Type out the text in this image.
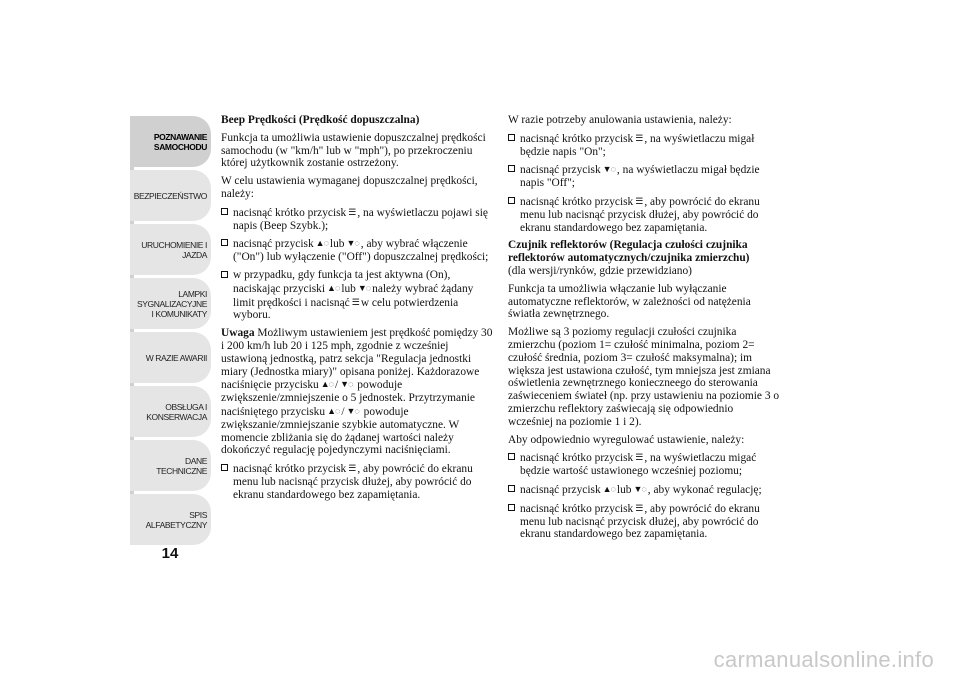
POZNAWANIE
SAMOCHODU
BEZPIECZEŃSTWO
URUCHOMIENIE I
JAZDA
LAMPKI
SYGNALIZACYJNE
I KOMUNIKATY
W RAZIE AWARII
OBSŁUGA I
KONSERWACJA
DANE
TECHNICZNE
SPIS
ALFABETYCZNY
14
Beep Prędkości (Prędkość dopuszczalna)

Funkcja ta umożliwia ustawienie dopuszczalnej prędkości samochodu (w "km/h" lub w "mph"), po przekroczeniu której użytkownik zostanie ostrzeżony.

W celu ustawienia wymaganej dopuszczalnej prędkości, należy:

nacisnąć krótko przycisk ☰ , na wyświetlaczu pojawi się napis (Beep Szybk.);
nacisnąć przycisk ▲◌ lub ▼◌ , aby wybrać włączenie ("On") lub wyłączenie ("Off") dopuszczalnej prędkości;
w przypadku, gdy funkcja ta jest aktywna (On), naciskając przyciski ▲◌ lub ▼◌ należy wybrać żądany limit prędkości i nacisnąć ☰ w celu potwierdzenia wyboru.

Uwaga Możliwym ustawieniem jest prędkość pomiędzy 30 i 200 km/h lub 20 i 125 mph, zgodnie z wcześniej ustawioną jednostką, patrz sekcja "Regulacja jednostki miary (Jednostka miary)" opisana poniżej. Każdorazowe naciśnięcie przycisku ▲◌ / ▼◌ powoduje zwiększenie/zmniejszenie o 5 jednostek. Przytrzymanie naciśniętego przycisku ▲◌ / ▼◌ powoduje zwiększanie/zmniejszanie szybkie automatyczne. W momencie zbliżania się do żądanej wartości należy dokończyć regulację pojedynczymi naciśnięciami.

nacisnąć krótko przycisk ☰ , aby powrócić do ekranu menu lub nacisnąć przycisk dłużej, aby powrócić do ekranu standardowego bez zapamiętania.

W razie potrzeby anulowania ustawienia, należy:

nacisnąć krótko przycisk ☰ , na wyświetlaczu migał będzie napis "On";
nacisnąć przycisk ▼◌ , na wyświetlaczu migał będzie napis "Off";
nacisnąć krótko przycisk ☰ , aby powrócić do ekranu menu lub nacisnąć przycisk dłużej, aby powrócić do ekranu standardowego bez zapamiętania.
Czujnik reflektorów (Regulacja czułości czujnika reflektorów automatycznych/czujnika zmierzchu)

(dla wersji/rynków, gdzie przewidziano)

Funkcja ta umożliwia włączanie lub wyłączanie automatyczne reflektorów, w zależności od natężenia światła zewnętrznego.

Możliwe są 3 poziomy regulacji czułości czujnika zmierzchu (poziom 1= czułość minimalna, poziom 2= czułość średnia, poziom 3= czułość maksymalna); im większa jest ustawiona czułość, tym mniejsza jest zmiana oświetlenia zewnętrznego konieczneego do sterowania zaświeceniem świateł (np. przy ustawieniu na poziomie 3 o zmierzchu reflektory zaświecają się odpowiednio wcześniej na poziomie 1 i 2).

Aby odpowiednio wyregulować ustawienie, należy:

nacisnąć krótko przycisk ☰ , na wyświetlaczu migać będzie wartość ustawionego wcześniej poziomu;
nacisnąć przycisk ▲◌ lub ▼◌ , aby wykonać regulację;
nacisnąć krótko przycisk ☰ , aby powrócić do ekranu menu lub nacisnąć przycisk dłużej, aby powrócić do ekranu standardowego bez zapamiętania.
carmanualsonline.info
